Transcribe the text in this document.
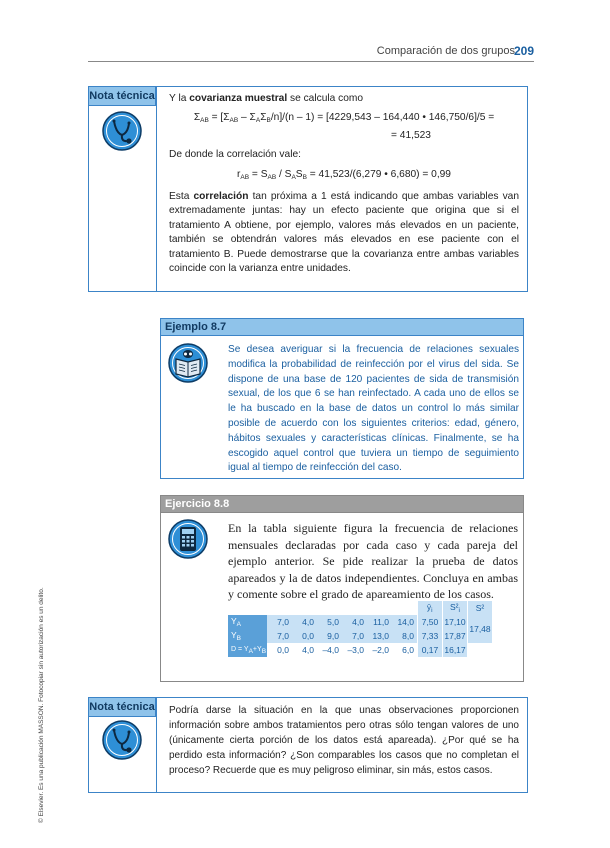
Comparación de dos grupos
209
© Elsevier. Es una publicación MASSON. Fotocopiar sin autorización es un delito.
Nota técnica Y la covarianza muestral se calcula como

$\Sigma_{AB} = [\Sigma_{AB} - \Sigma_A\Sigma_B/n]/(n - 1) = [4229,543 - 164,440$ • 146,750/6]/5 =
= 41,523

De donde la correlación vale:

$r_{AB} = S_{AB} / S_AS_B = 41,523/(6,279$ • 6,680) = 0,99

Esta correlación tan próxima a 1 está indicando que ambas variables van extremadamente juntas: hay un efecto paciente que origina que si el tratamiento A obtiene, por ejemplo, valores más elevados en un paciente, también se obtendrán valores más elevados en ese paciente con el tratamiento B. Puede demostrarse que la covarianza entre ambas variables coincide con la varianza entre unidades.

Ejemplo 8.7
Se desea averiguar si la frecuencia de relaciones sexuales modifica la probabilidad de reinfección por el virus del sida. Se dispone de una base de 120 pacientes de sida de transmisión sexual, de los que 6 se han reinfectado. A cada uno de ellos se le ha buscado en la base de datos un control lo más similar posible de acuerdo con los siguientes criterios: edad, género, hábitos sexuales y características clínicas. Finalmente, se ha escogido aquel control que tuviera un tiempo de seguimiento igual al tiempo de reinfección del caso.
Ejercicio 8.8
En la tabla siguiente figura la frecuencia de relaciones mensuales declaradas por cada caso y cada pareja del ejemplo anterior. Se pide realizar la prueba de datos apareados y la de datos independientes. Concluya en ambas y comente sobre el grado de apareamiento de los casos.
							$ȳ_i$	$S^2_i$	S²
$Y_A$	7,0	4,0	5,0	4,0	11,0	14,0	7,50	17,10	17,48
$Y_B$	7,0	0,0	9,0	7,0	13,0	8,0	7,33	17,87	
D = YA+YB	0,0	4,0	–4,0	–3,0	–2,0	6,0	0,17	16,17	
Nota técnica Podría darse la situación en la que unas observaciones proporcionen información sobre ambos tratamientos pero otras sólo tengan valores de uno (únicamente cierta porción de los datos está apareada). ¿Por qué se ha perdido esta información? ¿Son comparables los casos que no completan el proceso? Recuerde que es muy peligroso eliminar, sin más, estos casos.
